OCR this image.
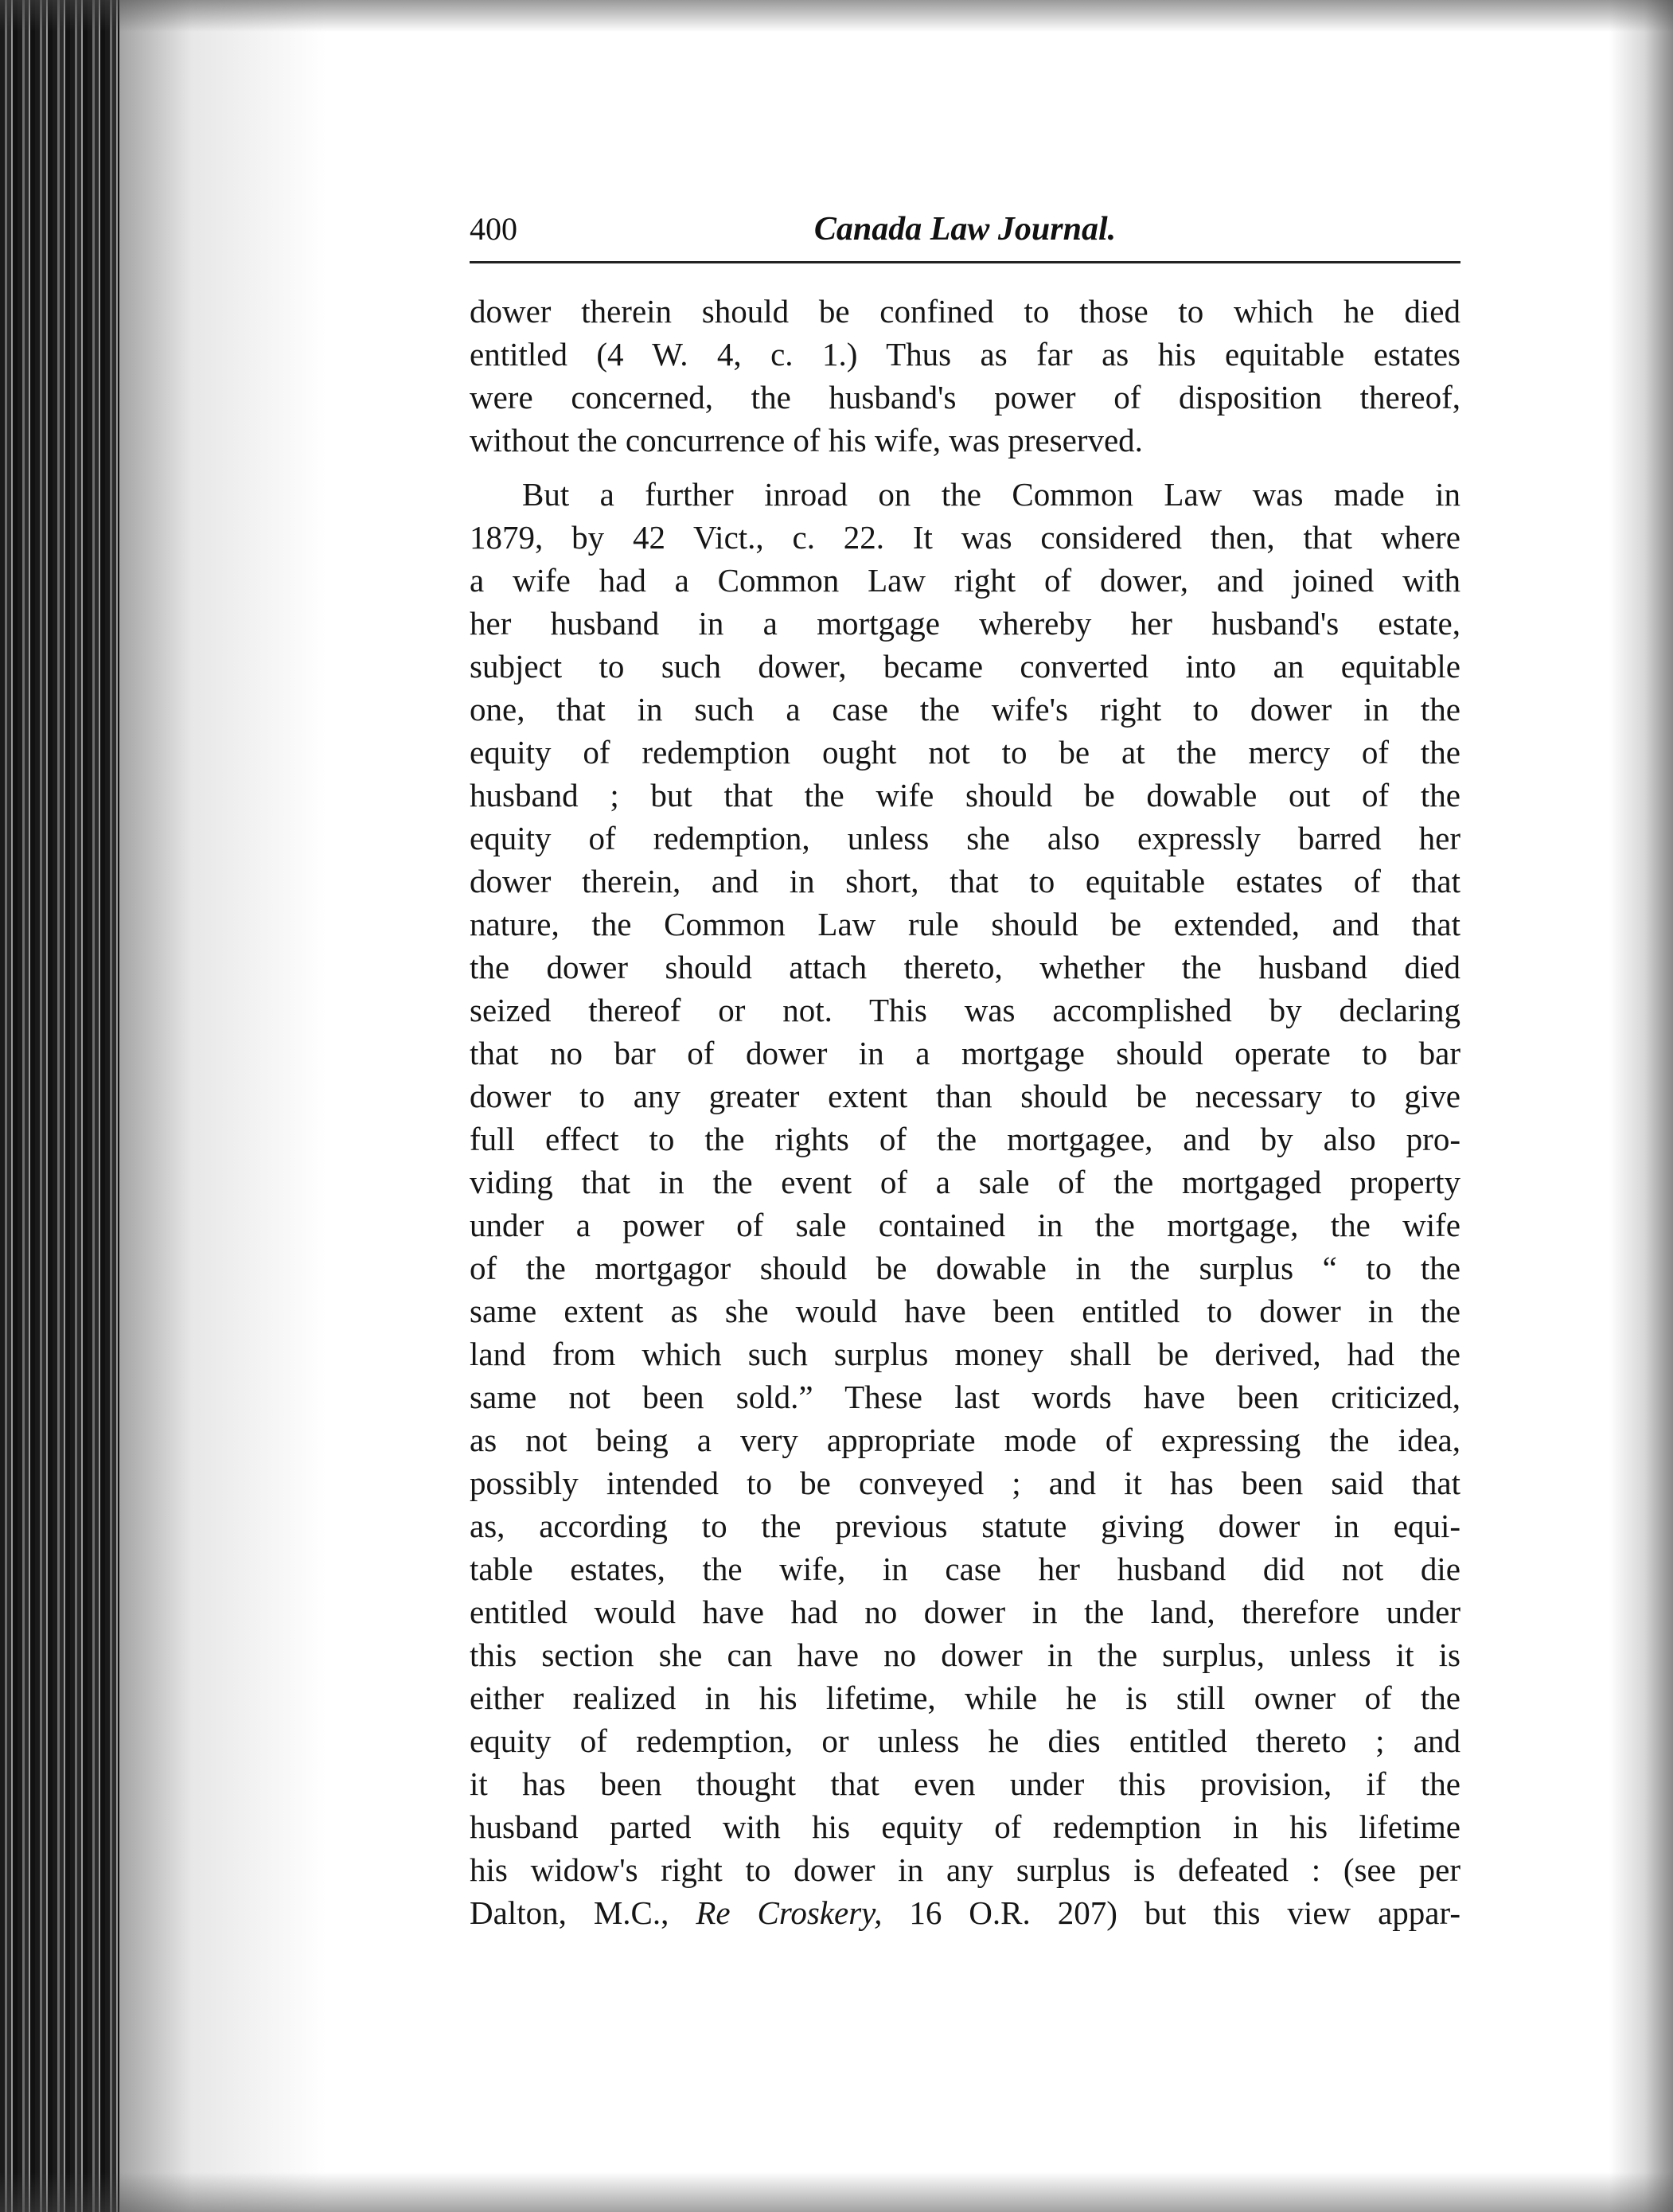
400	Canada Law Journal.
dower therein should be confined to those to which he died
entitled (4 W. 4, c. 1.) Thus as far as his equitable estates
were concerned, the husband's power of disposition thereof,
without the concurrence of his wife, was preserved.
But a further inroad on the Common Law was made in
1879, by 42 Vict., c. 22. It was considered then, that where
a wife had a Common Law right of dower, and joined with
her husband in a mortgage whereby her husband's estate,
subject to such dower, became converted into an equitable
one, that in such a case the wife's right to dower in the
equity of redemption ought not to be at the mercy of the
husband ; but that the wife should be dowable out of the
equity of redemption, unless she also expressly barred her
dower therein, and in short, that to equitable estates of that
nature, the Common Law rule should be extended, and that
the dower should attach thereto, whether the husband died
seized thereof or not. This was accomplished by declaring
that no bar of dower in a mortgage should operate to bar
dower to any greater extent than should be necessary to give
full effect to the rights of the mortgagee, and by also pro-
viding that in the event of a sale of the mortgaged property
under a power of sale contained in the mortgage, the wife
of the mortgagor should be dowable in the surplus “ to the
same extent as she would have been entitled to dower in the
land from which such surplus money shall be derived, had the
same not been sold.” These last words have been criticized,
as not being a very appropriate mode of expressing the idea,
possibly intended to be conveyed ; and it has been said that
as, according to the previous statute giving dower in equi-
table estates, the wife, in case her husband did not die
entitled would have had no dower in the land, therefore under
this section she can have no dower in the surplus, unless it is
either realized in his lifetime, while he is still owner of the
equity of redemption, or unless he dies entitled thereto ; and
it has been thought that even under this provision, if the
husband parted with his equity of redemption in his lifetime
his widow's right to dower in any surplus is defeated : (see per
Dalton, M.C., Re Croskery, 16 O.R. 207) but this view appar-
